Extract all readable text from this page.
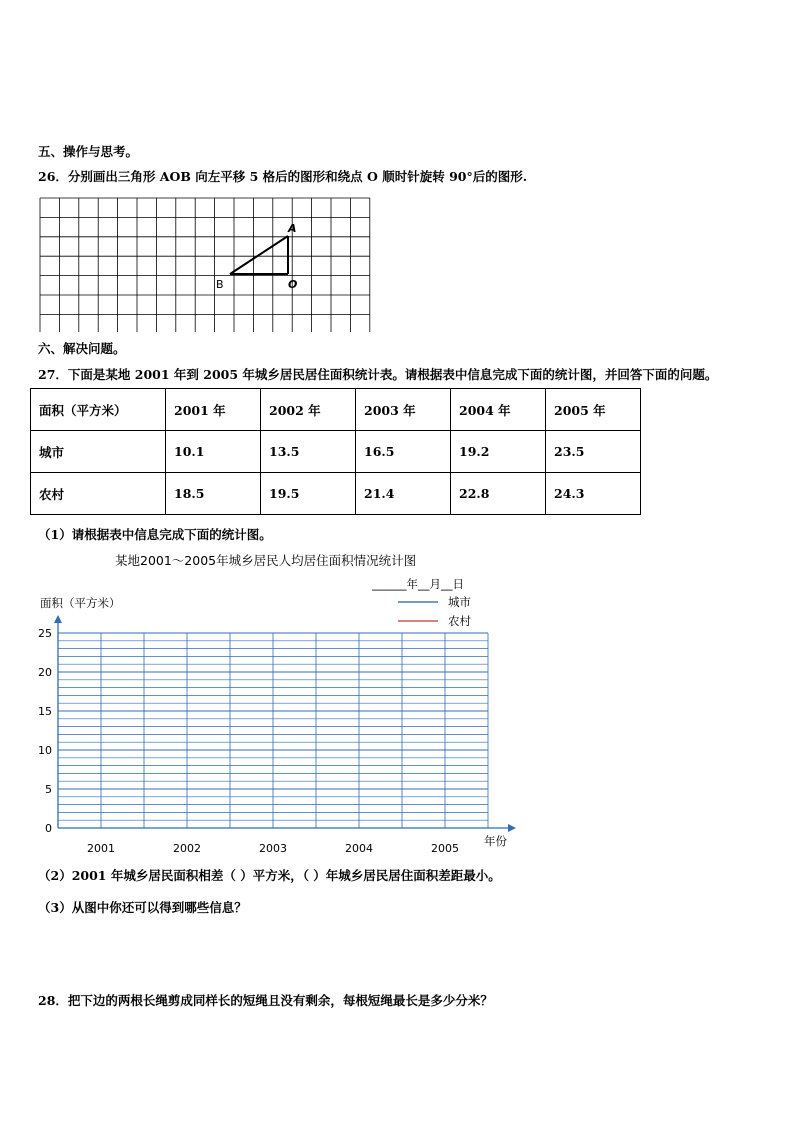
五、操作与思考。
26．分别画出三角形 AOB 向左平移 5 格后的图形和绕点 O 顺时针旋转 90°后的图形.
A
B	O
六、解决问题。
27．下面是某地 2001 年到 2005 年城乡居民居住面积统计表。请根据表中信息完成下面的统计图，并回答下面的问题。
面积（平方米）	2001 年	2002 年	2003 年	2004 年	2005 年
城市	10.1	13.5	16.5	19.2	23.5
农村	18.5	19.5	21.4	22.8	24.3
（1）请根据表中信息完成下面的统计图。
某地2001～2005年城乡居民人均居住面积情况统计图
______年__月__日
面积（平方米）	城市
农村
0
5
10
15
20
25
2001	2002	2003	2004	2005
年份
（2）2001 年城乡居民面积相差（ ）平方米，（ ）年城乡居民居住面积差距最小。
（3）从图中你还可以得到哪些信息？
28．把下边的两根长绳剪成同样长的短绳且没有剩余，每根短绳最长是多少分米？
